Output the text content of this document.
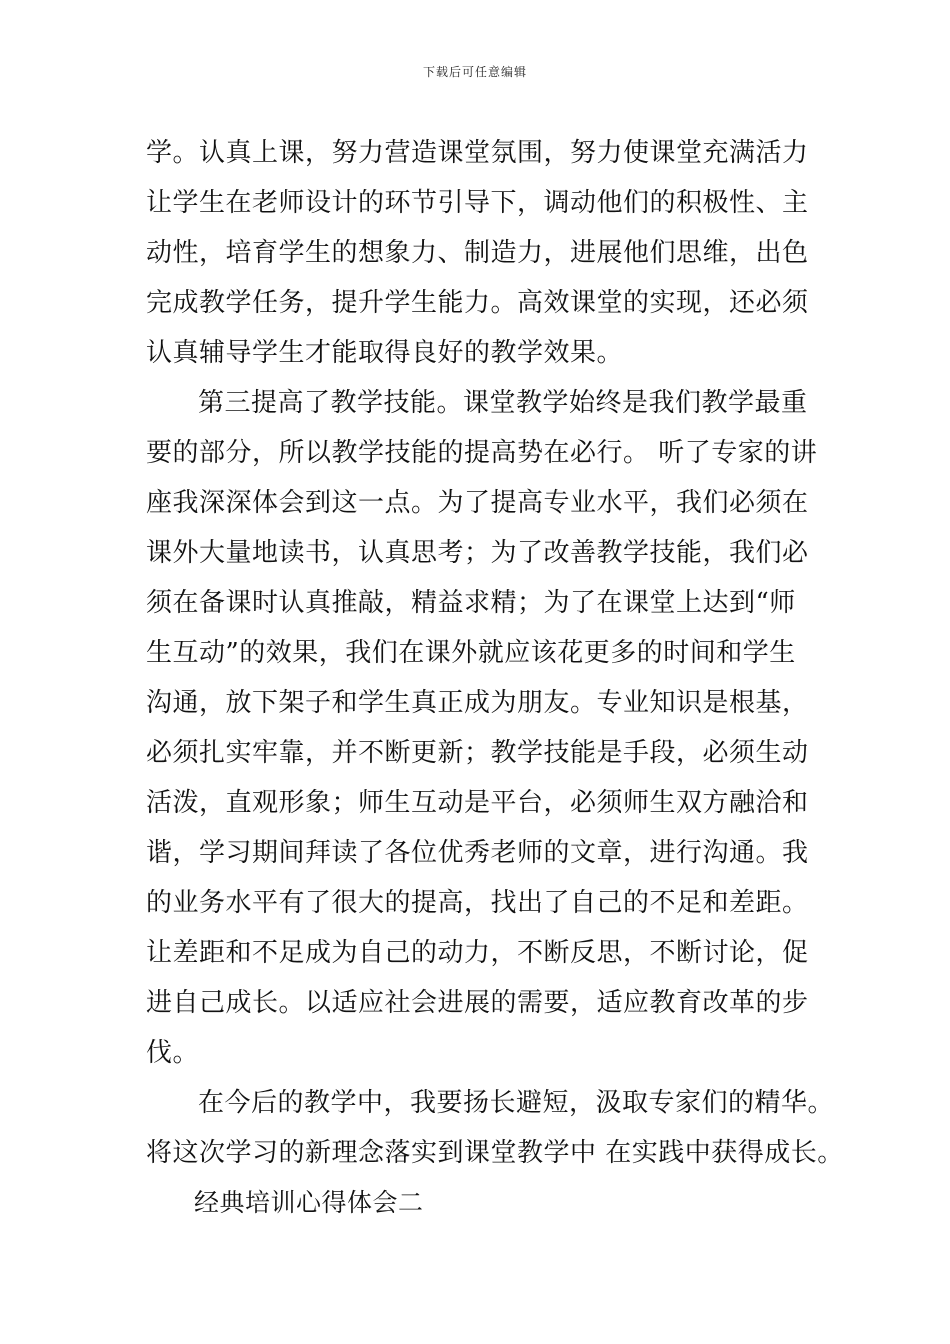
下载后可任意编辑
学。认真上课，努力营造课堂氛围，努力使课堂充满活力
让学生在老师设计的环节引导下，调动他们的积极性、主
动性，培育学生的想象力、制造力，进展他们思维，出色
完成教学任务，提升学生能力。高效课堂的实现，还必须
认真辅导学生才能取得良好的教学效果。
第三提高了教学技能。课堂教学始终是我们教学最重
要的部分，所以教学技能的提高势在必行。 听了专家的讲
座我深深体会到这一点。为了提高专业水平，我们必须在
课外大量地读书，认真思考；为了改善教学技能，我们必
须在备课时认真推敲，精益求精；为了在课堂上达到“师
生互动”的效果，我们在课外就应该花更多的时间和学生
沟通，放下架子和学生真正成为朋友。专业知识是根基，
必须扎实牢靠，并不断更新；教学技能是手段，必须生动
活泼，直观形象；师生互动是平台，必须师生双方融洽和
谐，学习期间拜读了各位优秀老师的文章，进行沟通。我
的业务水平有了很大的提高，找出了自己的不足和差距。
让差距和不足成为自己的动力，不断反思，不断讨论，促
进自己成长。以适应社会进展的需要，适应教育改革的步
伐。
在今后的教学中，我要扬长避短，汲取专家们的精华。
将这次学习的新理念落实到课堂教学中 在实践中获得成长。
经典培训心得体会二
